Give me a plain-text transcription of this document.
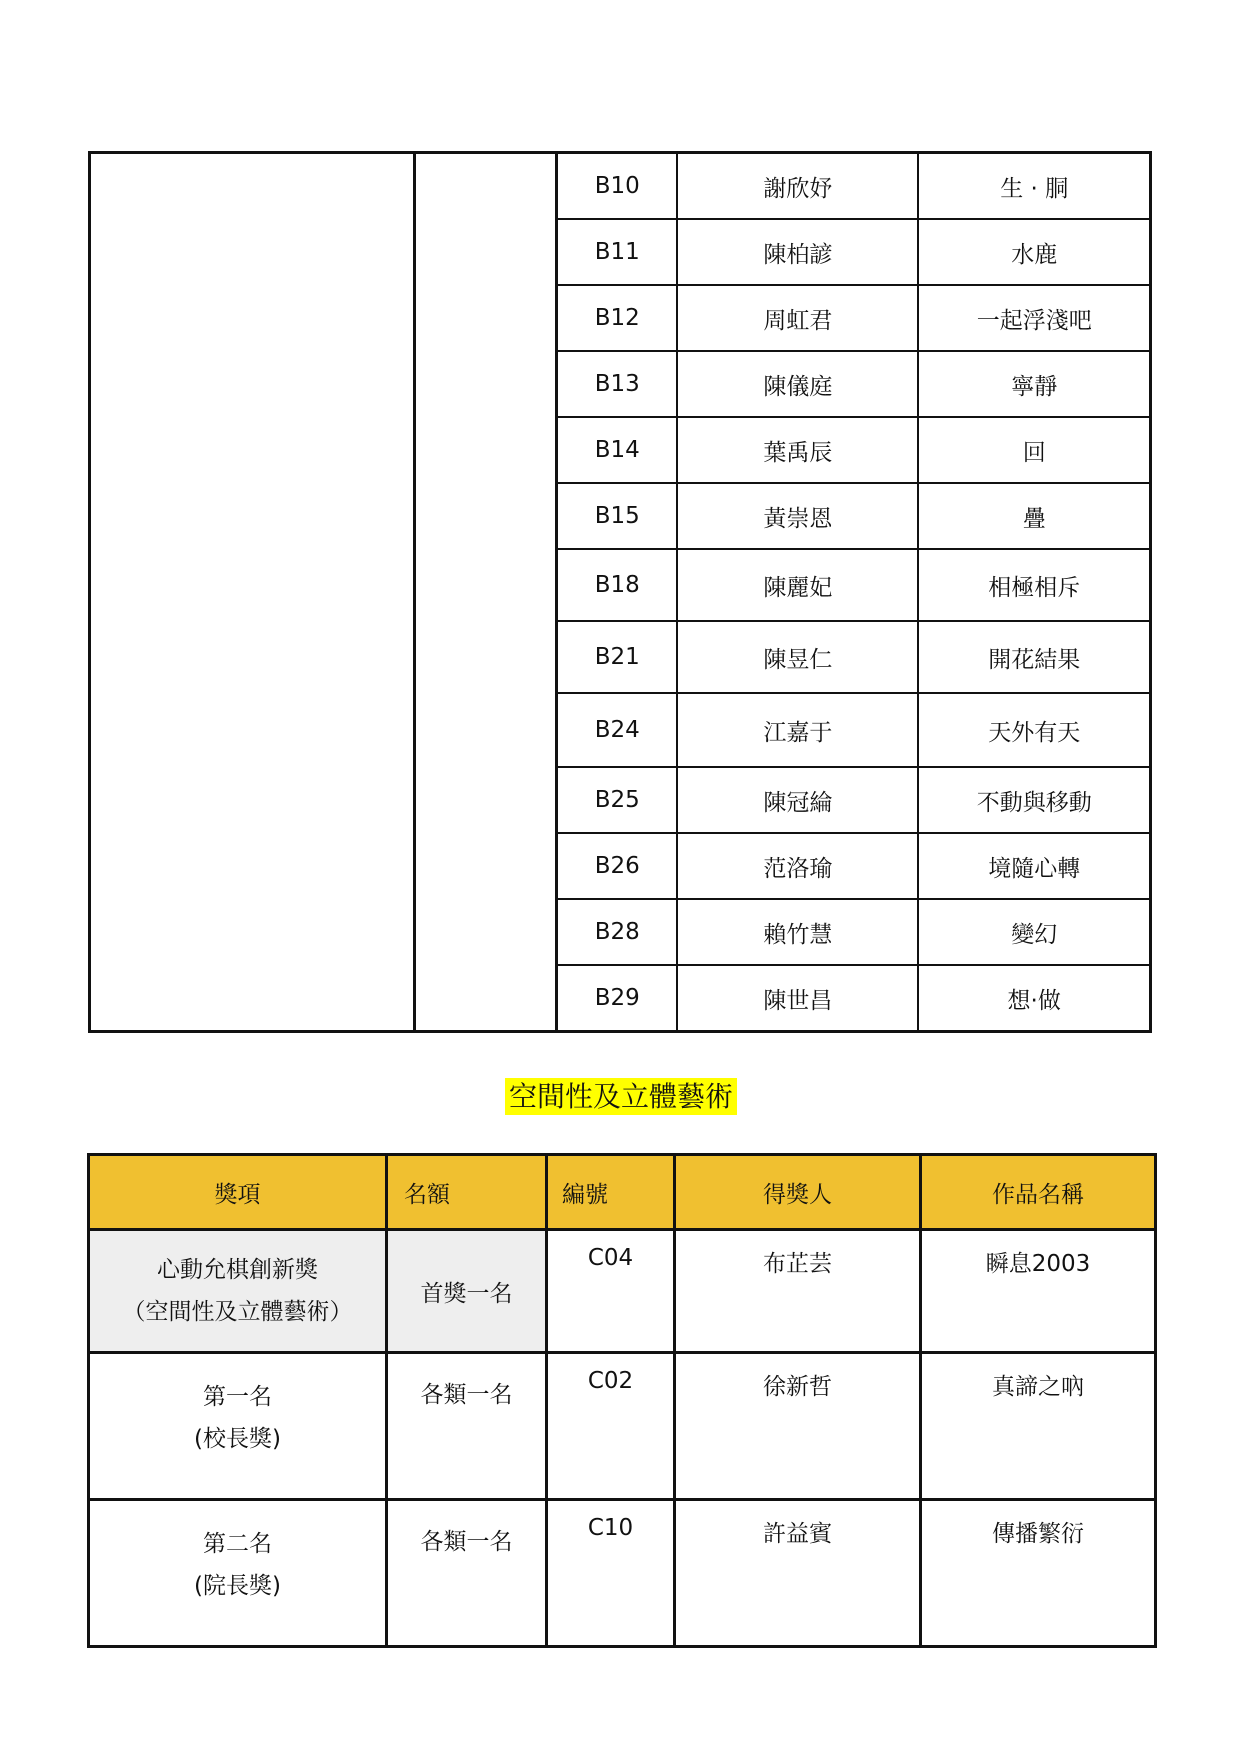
		B10	謝欣妤	生 · 胴
		B11	陳柏諺	水鹿
		B12	周虹君	一起浮淺吧
		B13	陳儀庭	寧靜
		B14	葉禹辰	回
		B15	黃崇恩	疊
		B18	陳麗妃	相極相斥
		B21	陳昱仁	開花結果
		B24	江嘉于	天外有天
		B25	陳冠綸	不動與移動
		B26	范洛瑜	境隨心轉
		B28	賴竹慧	變幻
		B29	陳世昌	想·做
空間性及立體藝術
獎項	名額	編號	得獎人	作品名稱

心動允棋創新獎
（空間性及立體藝術）	首獎一名	C04	布芷芸	瞬息2003

第一名
(校長獎)	各類一名	C02	徐新哲	真諦之吶

第二名
(院長獎)	各類一名	C10	許益賓	傳播繁衍
